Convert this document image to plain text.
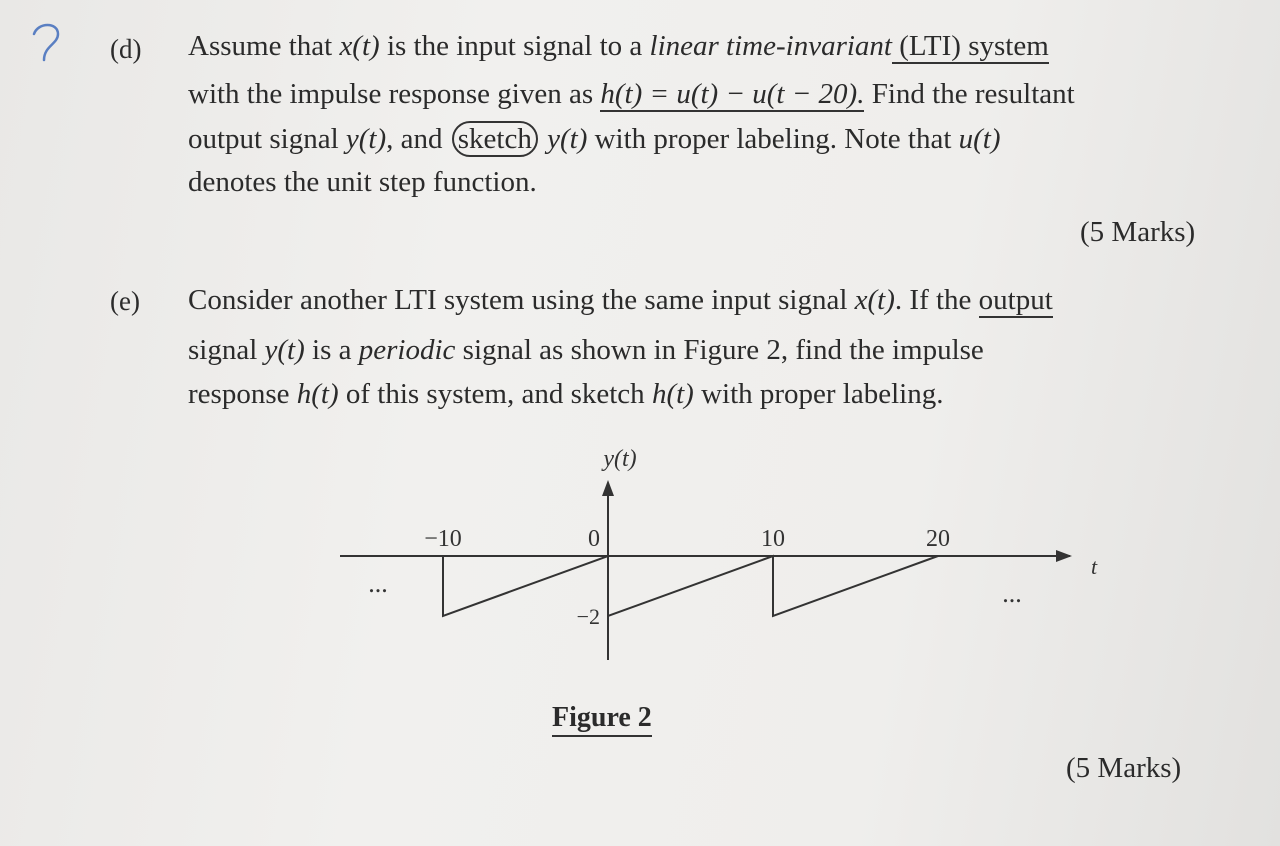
(d) Assume that x(t) is the input signal to a linear time-invariant (LTI) system
with the impulse response given as h(t) = u(t) − u(t − 20). Find the resultant
output signal y(t), and sketch y(t) with proper labeling. Note that u(t)
denotes the unit step function.
(5 Marks)
(e) Consider another LTI system using the same input signal x(t). If the output
signal y(t) is a periodic signal as shown in Figure 2, find the impulse
response h(t) of this system, and sketch h(t) with proper labeling.
y(t)
t
−10	0	10	20
−2
...	...
Figure 2
(5 Marks)
